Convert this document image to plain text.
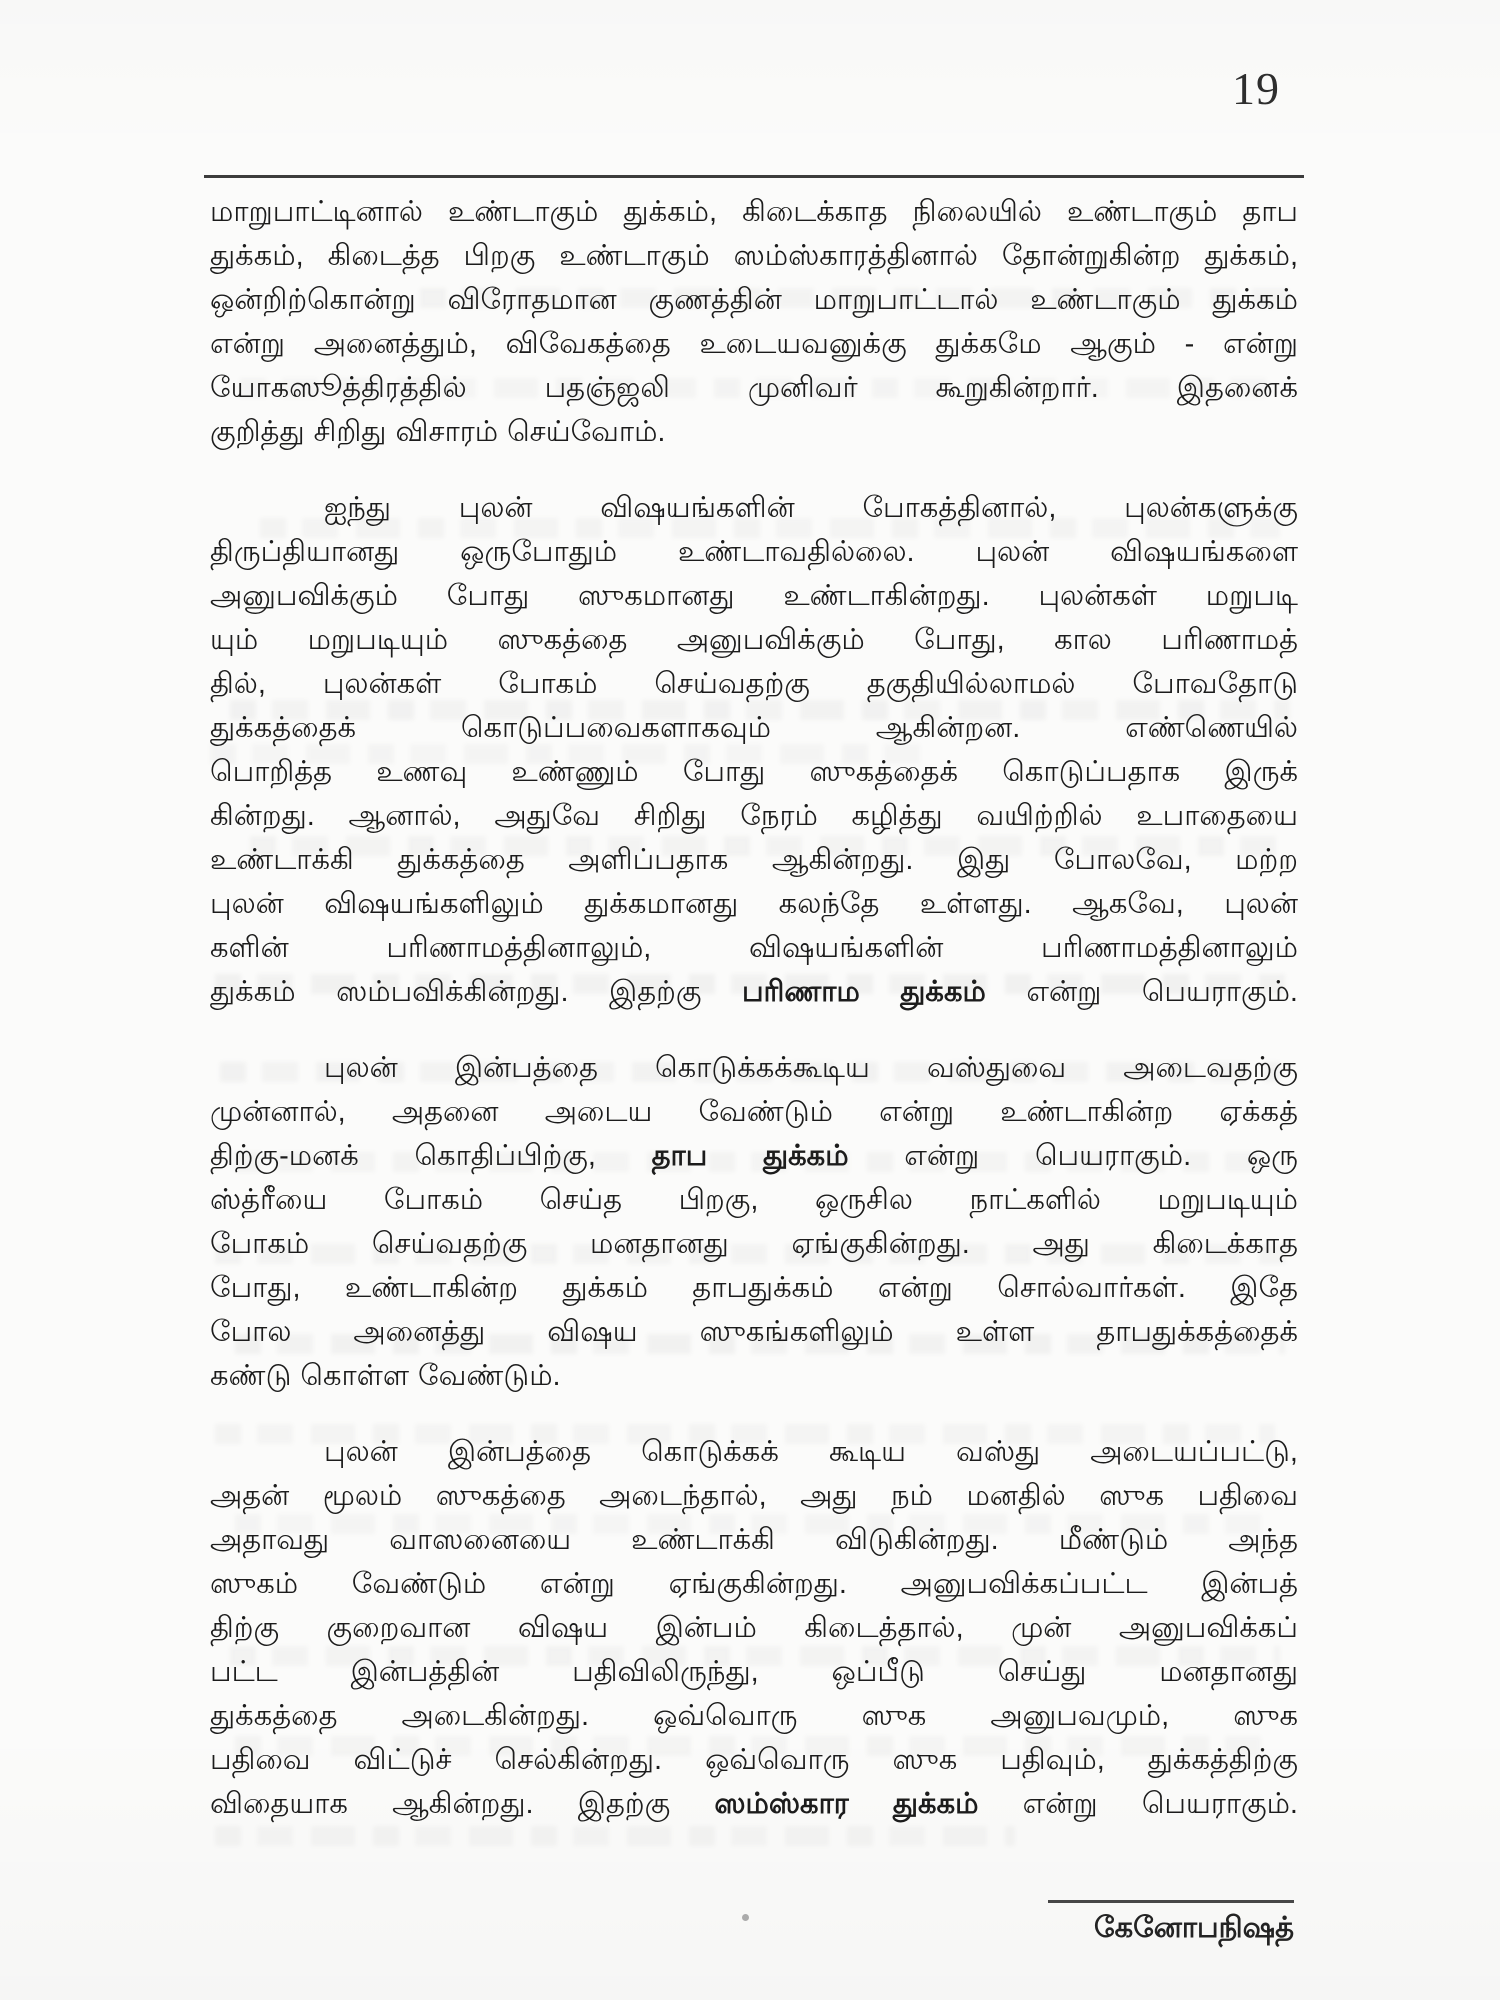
19
மாறுபாட்டினால் உண்டாகும் துக்கம், கிடைக்காத நிலையில் உண்டாகும் தாப
துக்கம், கிடைத்த பிறகு உண்டாகும் ஸம்ஸ்காரத்தினால் தோன்றுகின்ற துக்கம்,
ஒன்றிற்கொன்று விரோதமான குணத்தின் மாறுபாட்டால் உண்டாகும் துக்கம்
என்று அனைத்தும், விவேகத்தை உடையவனுக்கு துக்கமே ஆகும் - என்று
யோகஸூத்திரத்தில் பதஞ்ஜலி முனிவர் கூறுகின்றார். இதனைக்
குறித்து சிறிது விசாரம் செய்வோம்.
ஐந்து புலன் விஷயங்களின் போகத்தினால், புலன்களுக்கு
திருப்தியானது ஒருபோதும் உண்டாவதில்லை. புலன் விஷயங்களை
அனுபவிக்கும் போது ஸுகமானது உண்டாகின்றது. புலன்கள் மறுபடி
யும் மறுபடியும் ஸுகத்தை அனுபவிக்கும் போது, கால பரிணாமத்
தில், புலன்கள் போகம் செய்வதற்கு தகுதியில்லாமல் போவதோடு
துக்கத்தைக் கொடுப்பவைகளாகவும் ஆகின்றன. எண்ணெயில்
பொறித்த உணவு உண்ணும் போது ஸுகத்தைக் கொடுப்பதாக இருக்
கின்றது. ஆனால், அதுவே சிறிது நேரம் கழித்து வயிற்றில் உபாதையை
உண்டாக்கி துக்கத்தை அளிப்பதாக ஆகின்றது. இது போலவே, மற்ற
புலன் விஷயங்களிலும் துக்கமானது கலந்தே உள்ளது. ஆகவே, புலன்
களின் பரிணாமத்தினாலும், விஷயங்களின் பரிணாமத்தினாலும்
துக்கம் ஸம்பவிக்கின்றது. இதற்கு பரிணாம துக்கம் என்று பெயராகும்.
புலன் இன்பத்தை கொடுக்கக்கூடிய வஸ்துவை அடைவதற்கு
முன்னால், அதனை அடைய வேண்டும் என்று உண்டாகின்ற ஏக்கத்
திற்கு-மனக் கொதிப்பிற்கு, தாப துக்கம் என்று பெயராகும். ஒரு
ஸ்த்ரீயை போகம் செய்த பிறகு, ஒருசில நாட்களில் மறுபடியும்
போகம் செய்வதற்கு மனதானது ஏங்குகின்றது. அது கிடைக்காத
போது, உண்டாகின்ற துக்கம் தாபதுக்கம் என்று சொல்வார்கள். இதே
போல அனைத்து விஷய ஸுகங்களிலும் உள்ள தாபதுக்கத்தைக்
கண்டு கொள்ள வேண்டும்.
புலன் இன்பத்தை கொடுக்கக் கூடிய வஸ்து அடையப்பட்டு,
அதன் மூலம் ஸுகத்தை அடைந்தால், அது நம் மனதில் ஸுக பதிவை
அதாவது வாஸனையை உண்டாக்கி விடுகின்றது. மீண்டும் அந்த
ஸுகம் வேண்டும் என்று ஏங்குகின்றது. அனுபவிக்கப்பட்ட இன்பத்
திற்கு குறைவான விஷய இன்பம் கிடைத்தால், முன் அனுபவிக்கப்
பட்ட இன்பத்தின் பதிவிலிருந்து, ஒப்பீடு செய்து மனதானது
துக்கத்தை அடைகின்றது. ஒவ்வொரு ஸுக அனுபவமும், ஸுக
பதிவை விட்டுச் செல்கின்றது. ஒவ்வொரு ஸுக பதிவும், துக்கத்திற்கு
விதையாக ஆகின்றது. இதற்கு ஸம்ஸ்கார துக்கம் என்று பெயராகும்.
கேனோபநிஷத்
